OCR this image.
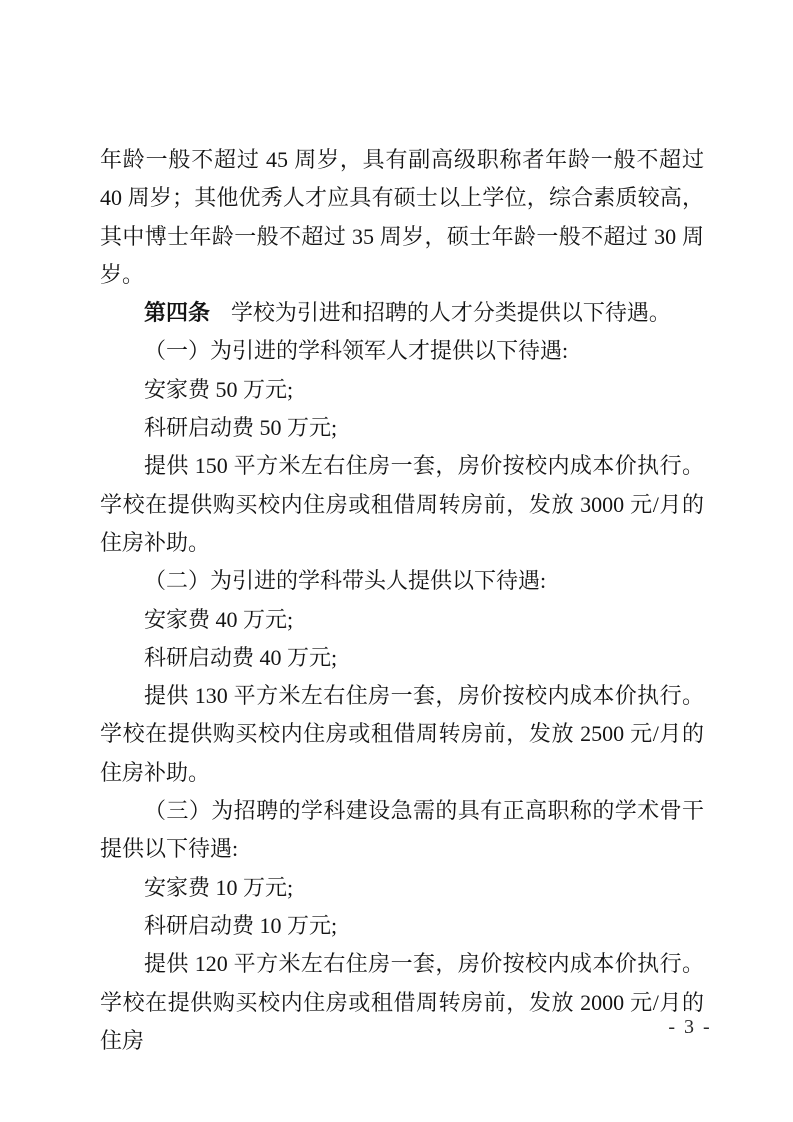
年龄一般不超过 45 周岁，具有副高级职称者年龄一般不超过 40 周岁；其他优秀人才应具有硕士以上学位，综合素质较高，其中博士年龄一般不超过 35 周岁，硕士年龄一般不超过 30 周岁。

第四条 学校为引进和招聘的人才分类提供以下待遇。

（一）为引进的学科领军人才提供以下待遇:

安家费 50 万元;

科研启动费 50 万元;

提供 150 平方米左右住房一套，房价按校内成本价执行。学校在提供购买校内住房或租借周转房前，发放 3000 元/月的住房补助。

（二）为引进的学科带头人提供以下待遇:

安家费 40 万元;

科研启动费 40 万元;

提供 130 平方米左右住房一套，房价按校内成本价执行。学校在提供购买校内住房或租借周转房前，发放 2500 元/月的住房补助。

（三）为招聘的学科建设急需的具有正高职称的学术骨干提供以下待遇:

安家费 10 万元;

科研启动费 10 万元;

提供 120 平方米左右住房一套，房价按校内成本价执行。学校在提供购买校内住房或租借周转房前，发放 2000 元/月的住房

- 3 -
